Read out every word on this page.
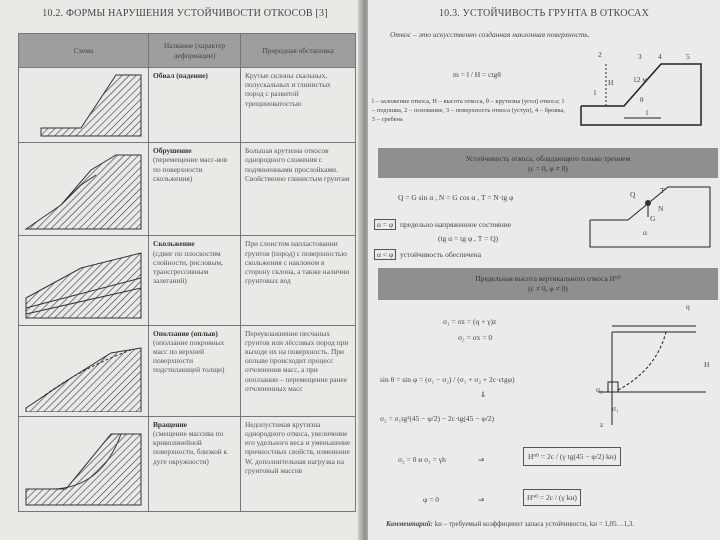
10.2. ФОРМЫ НАРУШЕНИЯ УСТОЙЧИВОСТИ ОТКОСОВ [3]
Схема	Название (характер деформации)	Природная обстановка
	Обвал (падение)	Крутые склоны скальных, полускальных и глинистых пород с развитой трещиноватостью
	Обрушение
(перемещение масс-вов по поверхности скольжения)	Большая крутизна откосов однородного сложения с подчиненными прослойками. Свойственно глинистым грунтам
	Скольжение
(сдвиг по плоскостям слойности, рисловым, трансгрессивным залеганий)	При слоистом напластовании грунтов (пород) с поверхностью скольжения с наклоном в сторону склона, а также наличии грунтовых вод
	Оползание (оплыв)
(оползание покровных масс по верхней поверхности подстилающей толщи)	Переувлажнение песчаных грунтов или лёссовых пород при выходе их на поверхность. При оплыве происходит процесс отчленения масс, а при оползании – перемещение ранее отчлененных масс
	Вращение
(смещение массива по криволинейной поверхности, близкой к дуге окружности)	Недопустимая крутизна однородного откоса, увеличение его удельного веса и уменьшение прочностных свойств, изменение W, дополнительная нагрузка на грунтовый массив
10.3. УСТОЙЧИВОСТЬ ГРУНТА В ОТКОСАХ
Откос – это искусственно созданная наклонная поверхность.
m = l / H = ctgθ
l – заложение откоса, H – высота откоса, θ – крутизна (угол) откоса; 1 – подошва, 2 – основание, 3 – поверхность откоса (уступ), 4 – бровка, 5 – гребень
2	3 4	5
1
H
l
θ
12 м
Устойчивость откоса, обладающего только трением
(c = 0, φ ≠ 0)
Q = G sin α , N = G cos α , T = N·tg φ
α = φ предельно напряженное состояние
(tg α = tg φ , T = Q)
α < φ устойчивость обеспечена
Q	T
N
G
α
Предельная высота вертикального откоса H⁹⁰
(c ≠ 0, φ ≠ 0)
σ₁ = σz = (q + γ)z
σ₂ = σx = 0
sin θ = sin φ = (σ₁ − σ₂) / (σ₁ + σ₂ + 2c·ctgφ)
⇓
σ₂ = σ₁tg²(45 − φ/2) − 2c·tg(45 − φ/2)
σ₂ = 0 и σ₁ = γh	⇒	H⁹⁰ = 2c / (γ tg(45 − φ/2) kн)
φ = 0	⇒	H⁹⁰ = 2c / (γ kн)
q
H
σ₁
σ₂
z
Комментарий: kн – требуемый коэффициент запаса устойчивости, kн = 1,05…1,3.
